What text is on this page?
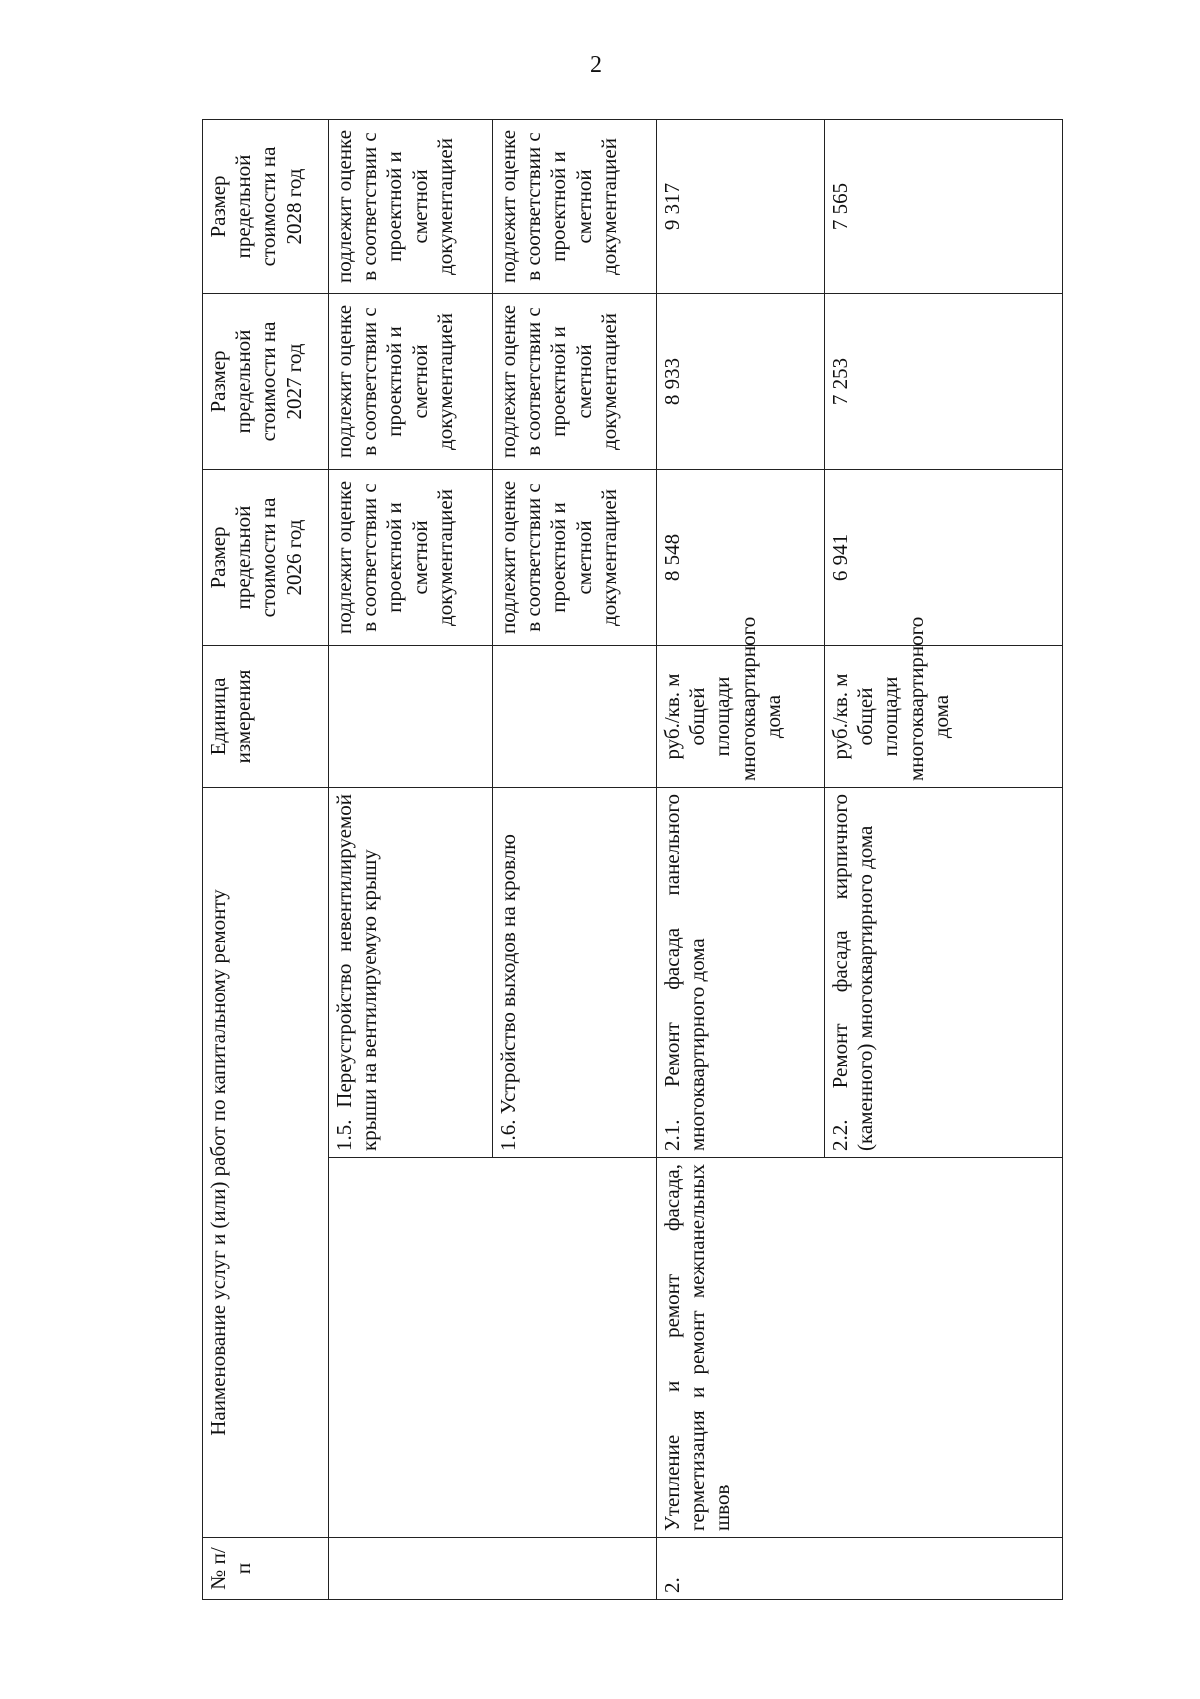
2
№ п/п	Наименование услуг и (или) работ по капитальному ремонту		Единица измерения	Размер предельной стоимости на 2026 год	Размер предельной стоимости на 2027 год	Размер предельной стоимости на 2028 год
		1.5. Переустройство невентилируемой крыши на вентилируемую крышу		подлежит оценке в соответствии с проектной и сметной документацией	подлежит оценке в соответствии с проектной и сметной документацией	подлежит оценке в соответствии с проектной и сметной документацией
		1.6. Устройство выходов на кровлю		подлежит оценке в соответствии с проектной и сметной документацией	подлежит оценке в соответствии с проектной и сметной документацией	подлежит оценке в соответствии с проектной и сметной документацией
2.	Утепление и ремонт фасада, герметизация и ремонт межпанельных швов	2.1. Ремонт фасада панельного многоквартирного дома	руб./кв. м общей площади многоквартирного дома	8 548	8 933	9 317
		2.2. Ремонт фасада кирпичного (каменного) многоквартирного дома	руб./кв. м общей площади многоквартирного дома	6 941	7 253	7 565
